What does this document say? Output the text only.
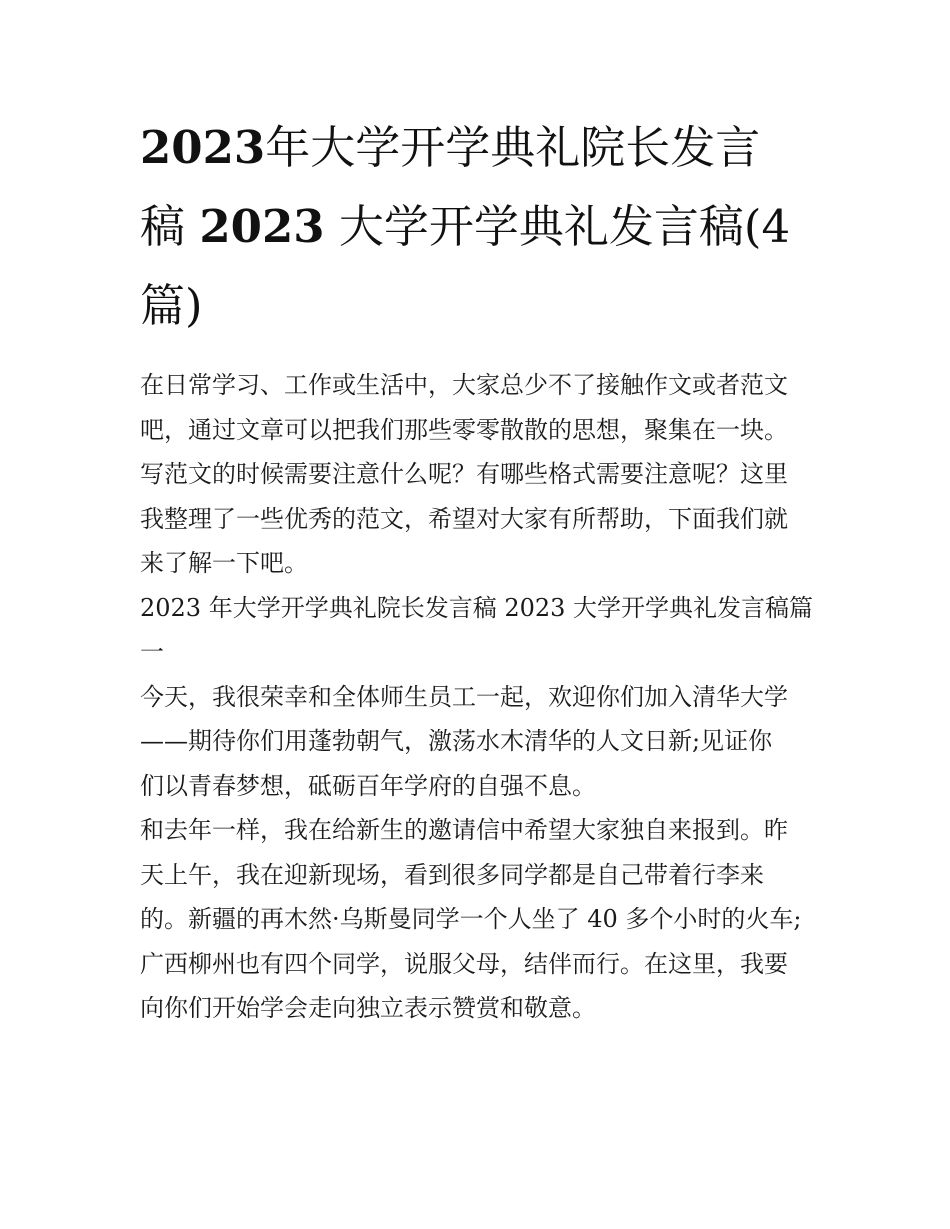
2023年大学开学典礼院长发言
稿 2023 大学开学典礼发言稿(4
篇)

在日常学习、工作或生活中，大家总少不了接触作文或者范文
吧，通过文章可以把我们那些零零散散的思想，聚集在一块。
写范文的时候需要注意什么呢？有哪些格式需要注意呢？这里
我整理了一些优秀的范文，希望对大家有所帮助，下面我们就
来了解一下吧。

2023 年大学开学典礼院长发言稿 2023 大学开学典礼发言稿篇
一

今天，我很荣幸和全体师生员工一起，欢迎你们加入清华大学
——期待你们用蓬勃朝气，激荡水木清华的人文日新;见证你
们以青春梦想，砥砺百年学府的自强不息。

和去年一样，我在给新生的邀请信中希望大家独自来报到。昨
天上午，我在迎新现场，看到很多同学都是自己带着行李来
的。新疆的再木然·乌斯曼同学一个人坐了 40 多个小时的火车;
广西柳州也有四个同学，说服父母，结伴而行。在这里，我要
向你们开始学会走向独立表示赞赏和敬意。
